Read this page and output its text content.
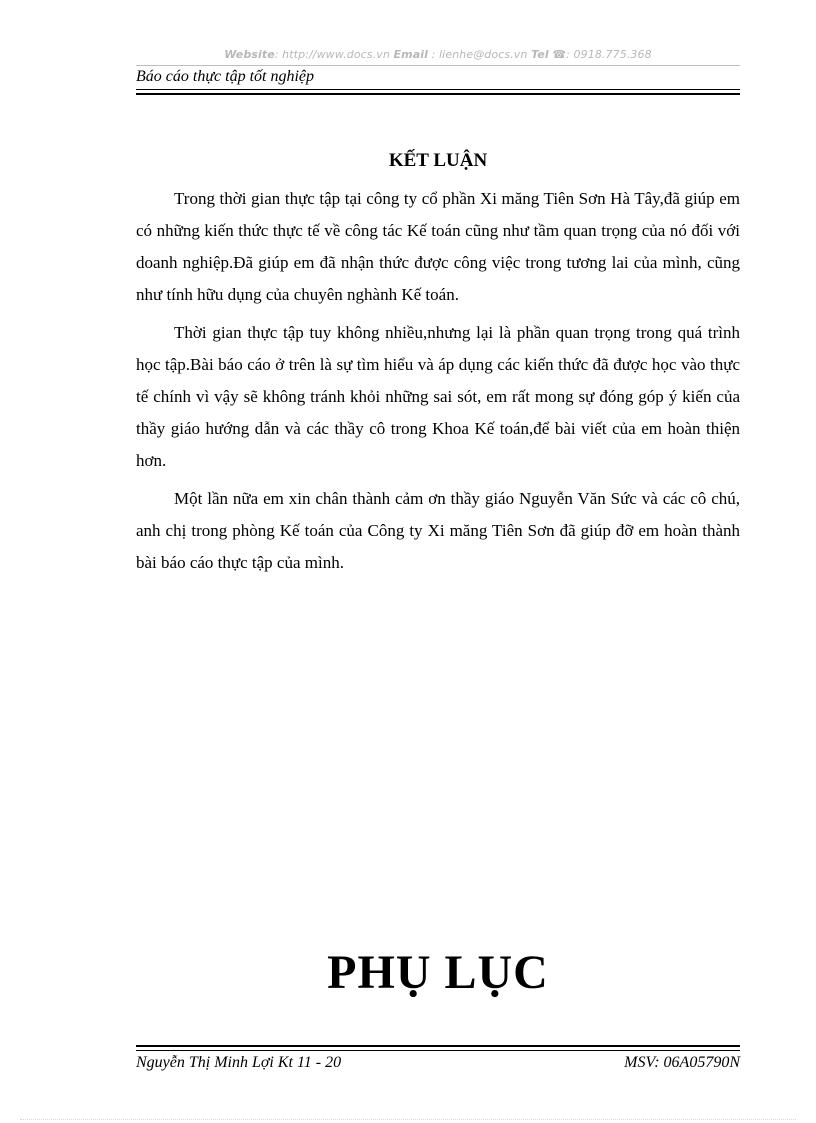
Website: http://www.docs.vn Email : lienhe@docs.vn Tel ☎: 0918.775.368
Báo cáo thực tập tốt nghiệp
KẾT LUẬN

Trong thời gian thực tập tại công ty cổ phần Xi măng Tiên Sơn Hà Tây,đã giúp em có những kiến thức thực tế về công tác Kế toán cũng như tầm quan trọng của nó đối với doanh nghiệp.Đã giúp em đã nhận thức được công việc trong tương lai của mình, cũng như tính hữu dụng của chuyên nghành Kế toán.

Thời gian thực tập tuy không nhiều,nhưng lại là phần quan trọng trong quá trình học tập.Bài báo cáo ở trên là sự tìm hiểu và áp dụng các kiến thức đã được học vào thực tế chính vì vậy sẽ không tránh khỏi những sai sót, em rất mong sự đóng góp ý kiến của thầy giáo hướng dẫn và các thầy cô trong Khoa Kế toán,để bài viết của em hoàn thiện hơn.

Một lần nữa em xin chân thành cảm ơn thầy giáo Nguyễn Văn Sức và các cô chú, anh chị trong phòng Kế toán của Công ty Xi măng Tiên Sơn đã giúp đỡ em hoàn thành bài báo cáo thực tập của mình.

PHỤ LỤC
Nguyễn Thị Minh Lợi Kt 11 - 20	MSV: 06A05790N
